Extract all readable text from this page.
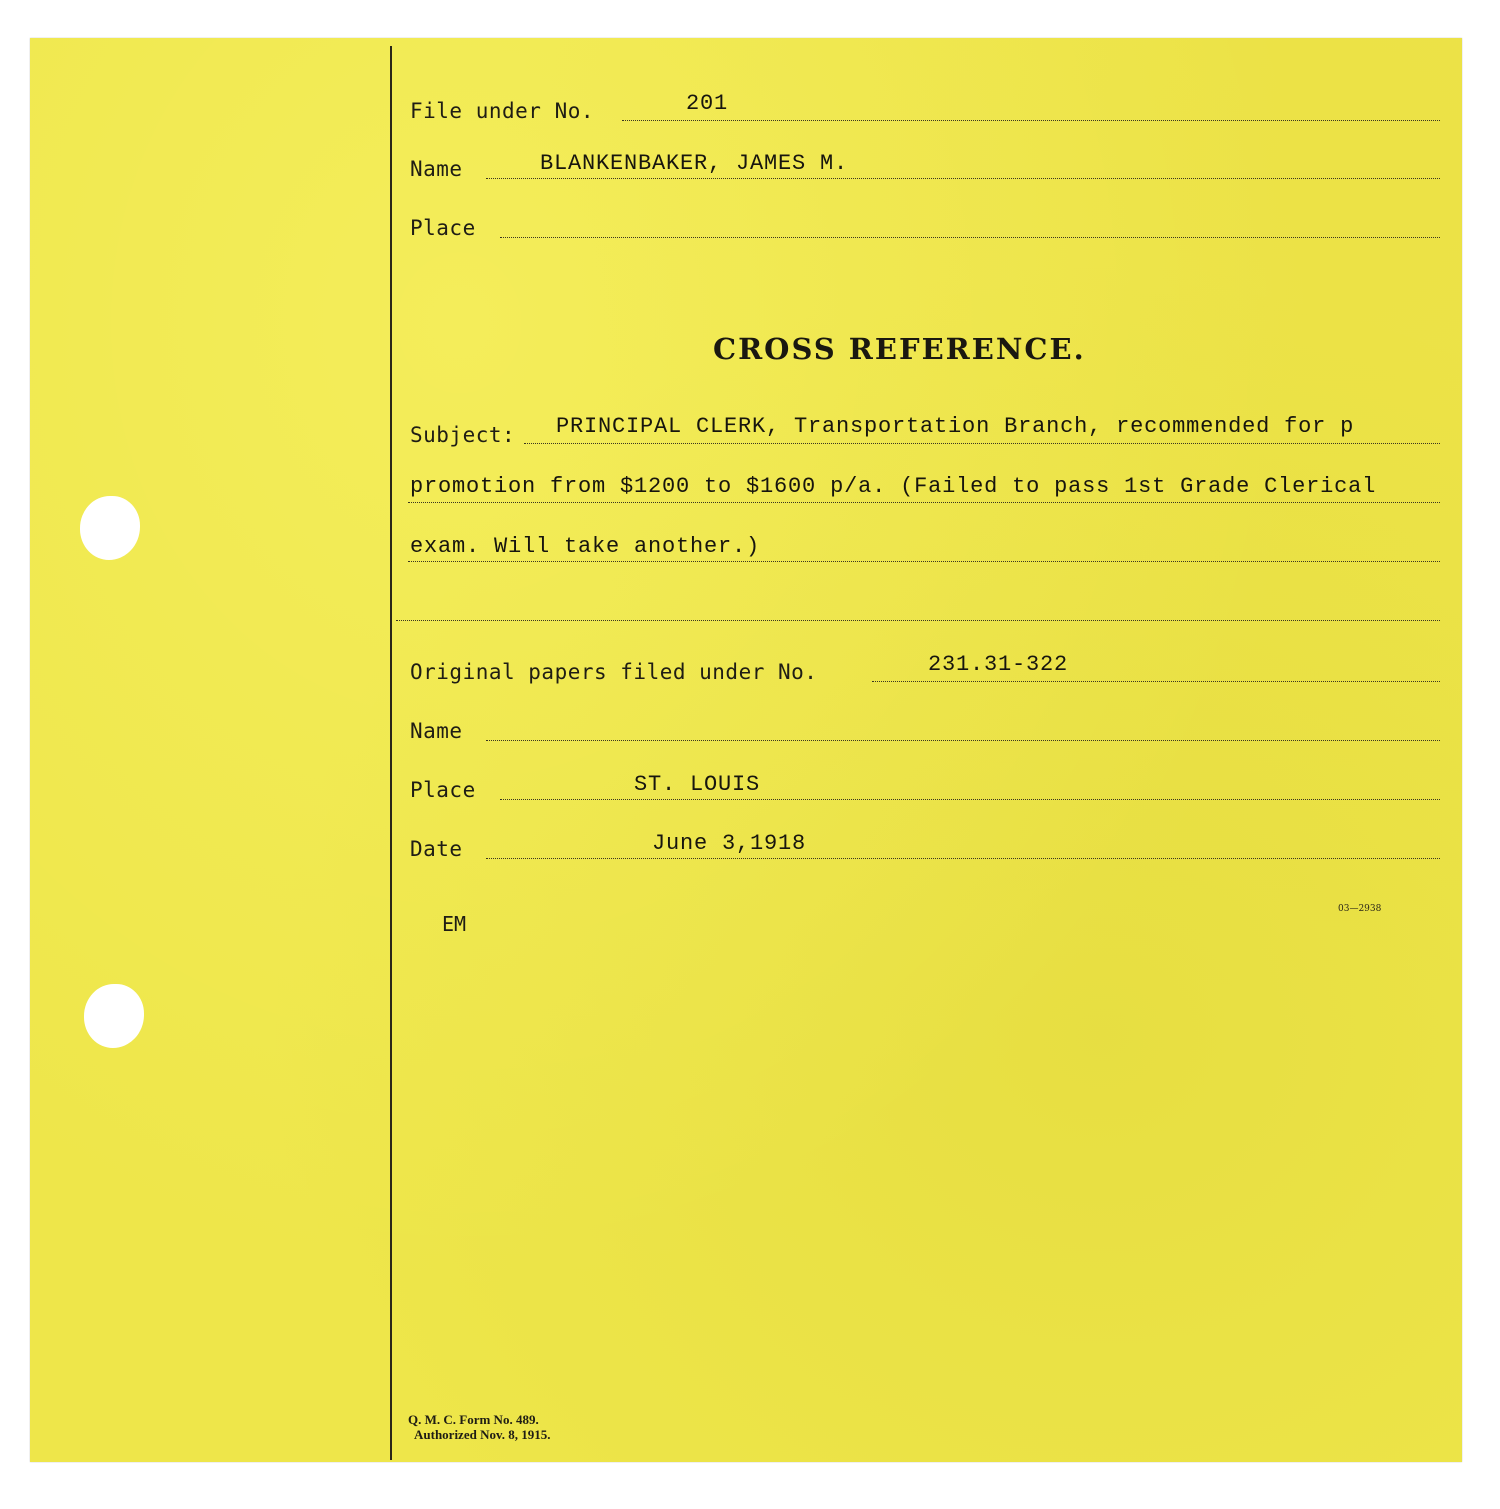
File under No.	201
Name	BLANKENBAKER, JAMES M.
Place
CROSS REFERENCE.
Subject: PRINCIPAL CLERK, Transportation Branch, recommended for p
promotion from $1200 to $1600 p/a. (Failed to pass 1st Grade Clerical
exam. Will take another.)
Original papers filed under No.	231.31-322
Name
Place	ST. LOUIS
Date	June 3,1918
EM
03—2938
Q. M. C. Form No. 489.
Authorized Nov. 8, 1915.
